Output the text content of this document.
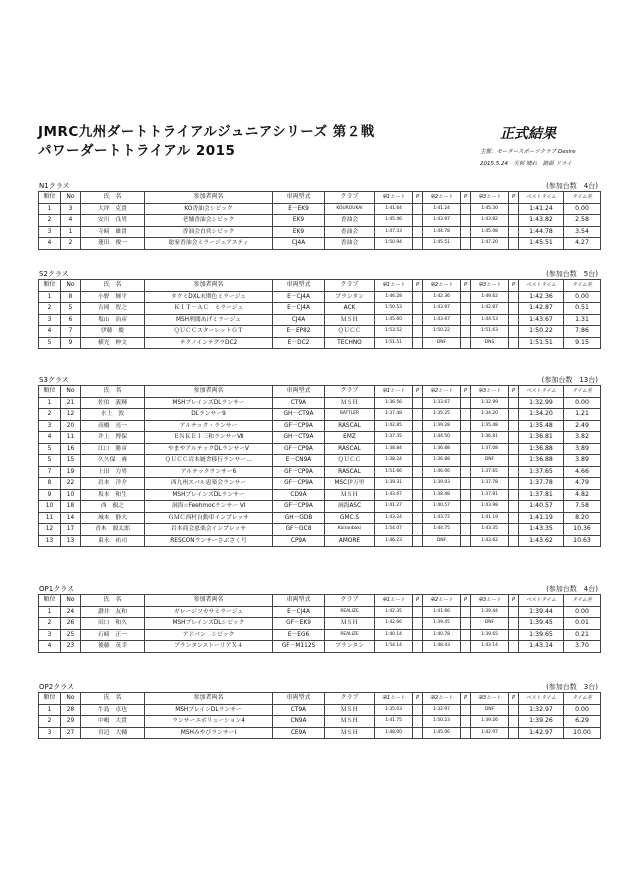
JMRC九州ダートトライアルジュニアシリーズ 第２戦
パワーダートトライアル 2015
正式結果
主催：モータースポーツクラブ Desire
2015.5.24　天候 晴れ　路面 ドライ
N1クラス	(参加台数　4台)
順位	No	氏　名	参加者両名	車両型式	クラブ	第1ヒート	P	第2ヒート	P	第3ヒート	P	ベストタイム	タイム差
1	3	大坪　克貴	KO香油会シビック	E－EK9	KOUROUKAI	1:41.64		1:41.24		1:45.30		1:41.24	0.00
2	4	安川　良男	老舗香油会シビック	EK9	香油会	1:45.46		1:43.97		1:43.82		1:43.82	2.58
3	1	寺﨑　雄貴	香油会直営シビック	EK9	香油会	1:47.33		1:44.78		1:45.08		1:44.78	3.54
4	2	蓮田　俊一	総家香油会ミラージュアスティ	CJ4A	香油会	1:50.94		1:45.51		1:47.20		1:45.51	4.27
S2クラス	(参加台数　5台)
順位	No	氏　名	参加者両名	車両型式	クラブ	第1ヒート	P	第2ヒート	P	第3ヒート	P	ベストタイム	タイム差
1	8	小野　輝平	タクミDXL末期色ミラージュ	E－CJ4A	ブランタン	1:46.28		1:42.36		1:49.62		1:42.36	0.00
2	5	吉岡　智之	ＫＩＴ－ＡＣ　ミラージュ	E－CJ4A	ACK	1:50.53		1:43.97		1:42.87		1:42.87	0.51
3	6	塩山　治彦	MSH刑聞あげミラージュ	CJ4A	ＭＳＨ	1:45.60		1:43.67		1:44.53		1:43.67	1.31
4	7	伊藤　慶	ＱＵＣＣスターレットＧＴ	E－EP82	ＱＵＣＣ	1:53.52		1:50.22		1:51.63		1:50.22	7.86
5	9	横光　伸文	テクノインテグラDC2	E－DC2	TECHNO	1:51.51		DNF		DNS		1:51.51	9.15
S3クラス	(参加台数　13台)
順位	No	氏　名	参加者両名	車両型式	クラブ	第1ヒート	P	第2ヒート	P	第3ヒート	P	ベストタイム	タイム差
1	21	佐伯　義輝	MSHブレインズDLランサー	CT9A	ＭＳＨ	1:36.56		1:33.67		1:32.99		1:32.99	0.00
2	12	水上　敦	DLランサー9	GH－CT9A	BATTLER	1:37.48		1:35.25		1:34.20		1:34.20	1.21
3	20	高橋　亮一	アルテック・ランサー	GF－CP9A	RASCAL	1:42.85		1:39.28		1:35.48		1:35.48	2.49
4	11	井上　博保	ＥＮＫＥＩ三和ランサーⅦ	GH－CT9A	EMZ	1:37.35		1:44.50		1:36.81		1:36.81	3.82
5	16	江口　勝彦	やまやアルテックDLランサーV	GF－CP9A	RASCAL	1:38.84		1:36.88		1:37.08		1:36.88	3.89
5	15	久久保　睿	ＱＵＣＣ岩本厩舎移行ランサー…	E－CN9A	ＱＵＣＣ	1:38.24		1:36.88		DNF		1:36.88	3.89
7	19	上田　力男	アルテックランサー6	GF－CP9A	RASCAL	1:51.66		1:46.06		1:37.65		1:37.65	4.66
8	22	岩本　洋介	西九州スバル恵楽会ランサー	GF－CP9A	MSC伊万里	1:39.31		1:39.03		1:37.78		1:37.78	4.79
9	10	坂本　和生	MSHブレインズDLランサー	CD9A	ＭＳＨ	1:43.67		1:38.48		1:37.81		1:37.81	4.82
10	18	西　叡之	洞海☆Feehmocランサー Ⅵ	GF－CP9A	洞海ASC	1:41.27		1:40.57		1:43.98		1:40.57	7.58
11	14	城本　静夫	ＧＭＣ西村自動車インプレッサ	GH－GDB	GMC.S	1:43.24		1:43.72		1:41.19		1:41.19	8.20
12	17	青木　源太郎	岩本商会恵楽会インプレッサ	GF－GC8	Kairanbaki	1:54.07		1:44.75		1:43.35		1:43.35	10.36
13	13	東永　祐司	RESCONランサーさぶさく号	CP9A	AMORE	1:46.23		DNF		1:43.62		1:43.62	10.63
OP1クラス	(参加台数　4台)
順位	No	氏　名	参加者両名	車両型式	クラブ	第1ヒート	P	第2ヒート	P	第3ヒート	P	ベストタイム	タイム差
1	24	讃井　友和	ガレージツカサミラージュ	E－CJ4A	REALIZE	1:42.35		1:41.66		1:39.44		1:39.44	0.00
2	26	田口　和久	MSHブレインズDLシビック	GF－EK9	ＭＳＨ	1:42.66		1:39.45		DNF		1:39.45	0.01
3	25	石崎　正一	アドバン　シビック	E－EG6	REALIZE	1:40.14		1:40.78		1:39.65		1:39.65	0.21
4	23	後藤　英幸	ブランタンストーリアＸ４	GF－M112S	ブランタン	1:54.14		1:48.43		1:43.14		1:43.14	3.70
OP2クラス	(参加台数　3台)
順位	No	氏　名	参加者両名	車両型式	クラブ	第1ヒート	P	第2ヒート	P	第3ヒート	P	ベストタイム	タイム差
1	28	牛島　卓也	MSHブレインDLランサー	CT9A	ＭＳＨ	1:35.03		1:32.97		DNF		1:32.97	0.00
2	29	中嶋　大貴	ランサーエボリューション4	CN9A	ＭＳＨ	1:41.75		1:50.23		1:39.26		1:39.26	6.29
3	27	宮辺　大輔	MSHみやびランサーⅠ	CE9A	ＭＳＨ	1:48.00		1:45.06		1:42.97		1:42.97	10.00
